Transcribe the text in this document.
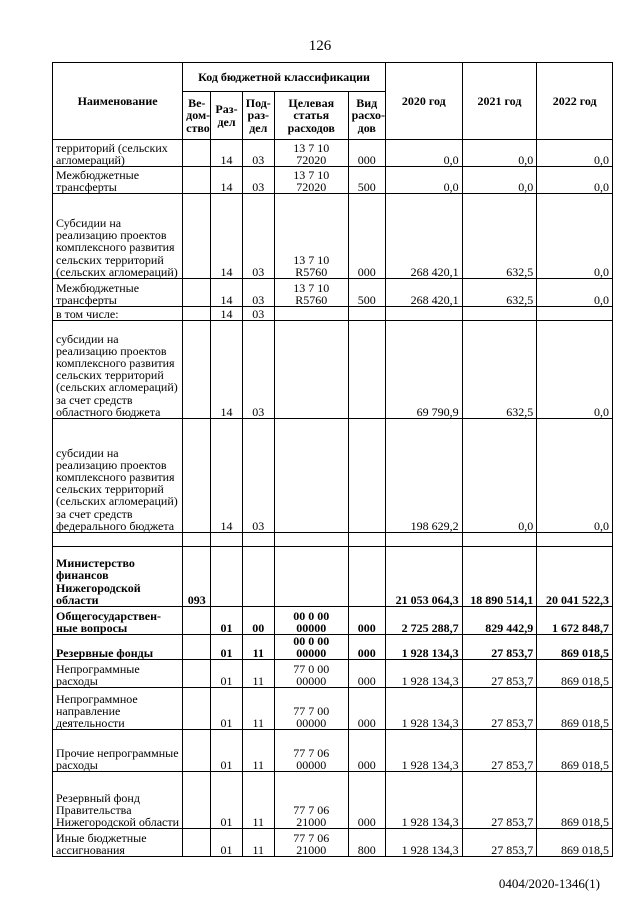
126
Наименование	Код бюджетной классификации					2020 год	2021 год	2022 год
	Ве-дом-ство	Раз-дел	Под-раз-дел	Целевая статья расходов	Вид расхо-дов			
территорий (сельских агломераций)		14	03	13 7 10 72020	000	0,0	0,0	0,0
Межбюджетные трансферты		14	03	13 7 10 72020	500	0,0	0,0	0,0
Субсидии на реализацию проектов комплексного развития сельских территорий (сельских агломераций)		14	03	13 7 10 R5760	000	268 420,1	632,5	0,0
Межбюджетные трансферты		14	03	13 7 10 R5760	500	268 420,1	632,5	0,0
в том числе:		14	03					
субсидии на реализацию проектов комплексного развития сельских территорий (сельских агломераций) за счет средств областного бюджета		14	03			69 790,9	632,5	0,0
субсидии на реализацию проектов комплексного развития сельских территорий (сельских агломераций) за счет средств федерального бюджета		14	03			198 629,2	0,0	0,0

Министерство финансов Нижегородской области	093					21 053 064,3	18 890 514,1	20 041 522,3
Общегосударствен-ные вопросы		01	00	00 0 00 00000	000	2 725 288,7	829 442,9	1 672 848,7
Резервные фонды		01	11	00 0 00 00000	000	1 928 134,3	27 853,7	869 018,5
Непрограммные расходы		01	11	77 0 00 00000	000	1 928 134,3	27 853,7	869 018,5
Непрограммное направление деятельности		01	11	77 7 00 00000	000	1 928 134,3	27 853,7	869 018,5
Прочие непрограммные расходы		01	11	77 7 06 00000	000	1 928 134,3	27 853,7	869 018,5
Резервный фонд Правительства Нижегородской области		01	11	77 7 06 21000	000	1 928 134,3	27 853,7	869 018,5
Иные бюджетные ассигнования		01	11	77 7 06 21000	800	1 928 134,3	27 853,7	869 018,5
0404/2020-1346(1)
